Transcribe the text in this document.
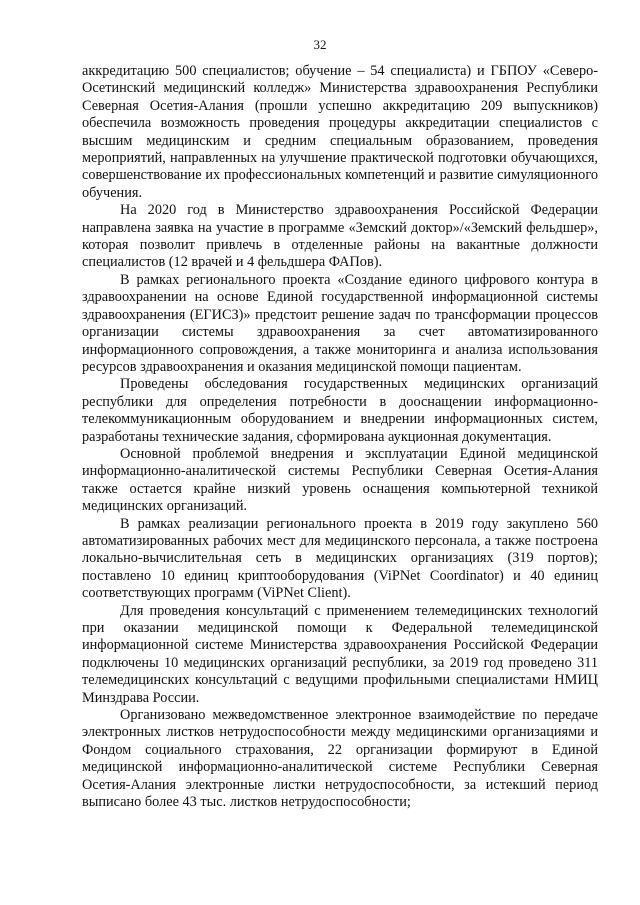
32

аккредитацию 500 специалистов; обучение – 54 специалиста) и ГБПОУ «Северо-Осетинский медицинский колледж» Министерства здравоохранения Республики Северная Осетия-Алания (прошли успешно аккредитацию 209 выпускников) обеспечила возможность проведения процедуры аккредитации специалистов с высшим медицинским и средним специальным образованием, проведения мероприятий, направленных на улучшение практической подготовки обучающихся, совершенствование их профессиональных компетенций и развитие симуляционного обучения.

На 2020 год в Министерство здравоохранения Российской Федерации направлена заявка на участие в программе «Земский доктор»/«Земский фельдшер», которая позволит привлечь в отделенные районы на вакантные должности специалистов (12 врачей и 4 фельдшера ФАПов).

В рамках регионального проекта «Создание единого цифрового контура в здравоохранении на основе Единой государственной информационной системы здравоохранения (ЕГИСЗ)» предстоит решение задач по трансформации процессов организации системы здравоохранения за счет автоматизированного информационного сопровождения, а также мониторинга и анализа использования ресурсов здравоохранения и оказания медицинской помощи пациентам.

Проведены обследования государственных медицинских организаций республики для определения потребности в дооснащении информационно-телекоммуникационным оборудованием и внедрении информационных систем, разработаны технические задания, сформирована аукционная документация.

Основной проблемой внедрения и эксплуатации Единой медицинской информационно-аналитической системы Республики Северная Осетия-Алания также остается крайне низкий уровень оснащения компьютерной техникой медицинских организаций.

В рамках реализации регионального проекта в 2019 году закуплено 560 автоматизированных рабочих мест для медицинского персонала, а также построена локально-вычислительная сеть в медицинских организациях (319 портов); поставлено 10 единиц криптооборудования (ViPNet Coordinator) и 40 единиц соответствующих программ (ViPNet Client).

Для проведения консультаций с применением телемедицинских технологий при оказании медицинской помощи к Федеральной телемедицинской информационной системе Министерства здравоохранения Российской Федерации подключены 10 медицинских организаций республики, за 2019 год проведено 311 телемедицинских консультаций с ведущими профильными специалистами НМИЦ Минздрава России.

Организовано межведомственное электронное взаимодействие по передаче электронных листков нетрудоспособности между медицинскими организациями и Фондом социального страхования, 22 организации формируют в Единой медицинской информационно-аналитической системе Республики Северная Осетия-Алания электронные листки нетрудоспособности, за истекший период выписано более 43 тыс. листков нетрудоспособности;
